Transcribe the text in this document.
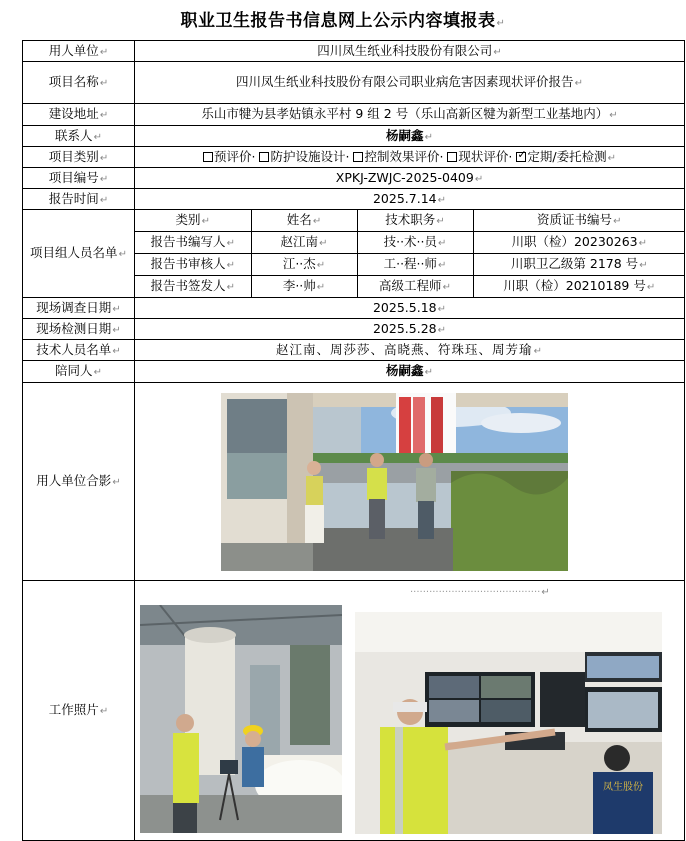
职业卫生报告书信息网上公示内容填报表↵
用人单位↵	四川凤生纸业科技股份有限公司↵
项目名称↵	四川凤生纸业科技股份有限公司职业病危害因素现状评价报告↵
建设地址↵	乐山市犍为县孝姑镇永平村 9 组 2 号（乐山高新区犍为新型工业基地内）↵
联系人↵	杨嗣鑫↵
项目类别↵	预评价· 防护设施设计· 控制效果评价· 现状评价· ✓定期/委托检测↵
项目编号↵	XPKJ-ZWJC-2025-0409↵
报告时间↵	2025.7.14↵
项目组人员名单↵	
类别↵	姓名↵	技术职务↵	资质证书编号↵
报告书编写人↵	赵江南↵	技··术··员↵	川职（检）20230263↵
报告书审核人↵	江··杰↵	工··程··师↵	川职卫乙级第 2178 号↵
报告书签发人↵	李··帅↵	高级工程师↵	川职（检）20210189 号↵

现场调查日期↵	2025.5.18↵
现场检测日期↵	2025.5.28↵
技术人员名单↵	赵江南、周莎莎、高晓燕、符珠珏、周芳瑜↵
陪同人↵	杨嗣鑫↵
用人单位合影↵	
工作照片↵	
·········································↵
凤生股份
